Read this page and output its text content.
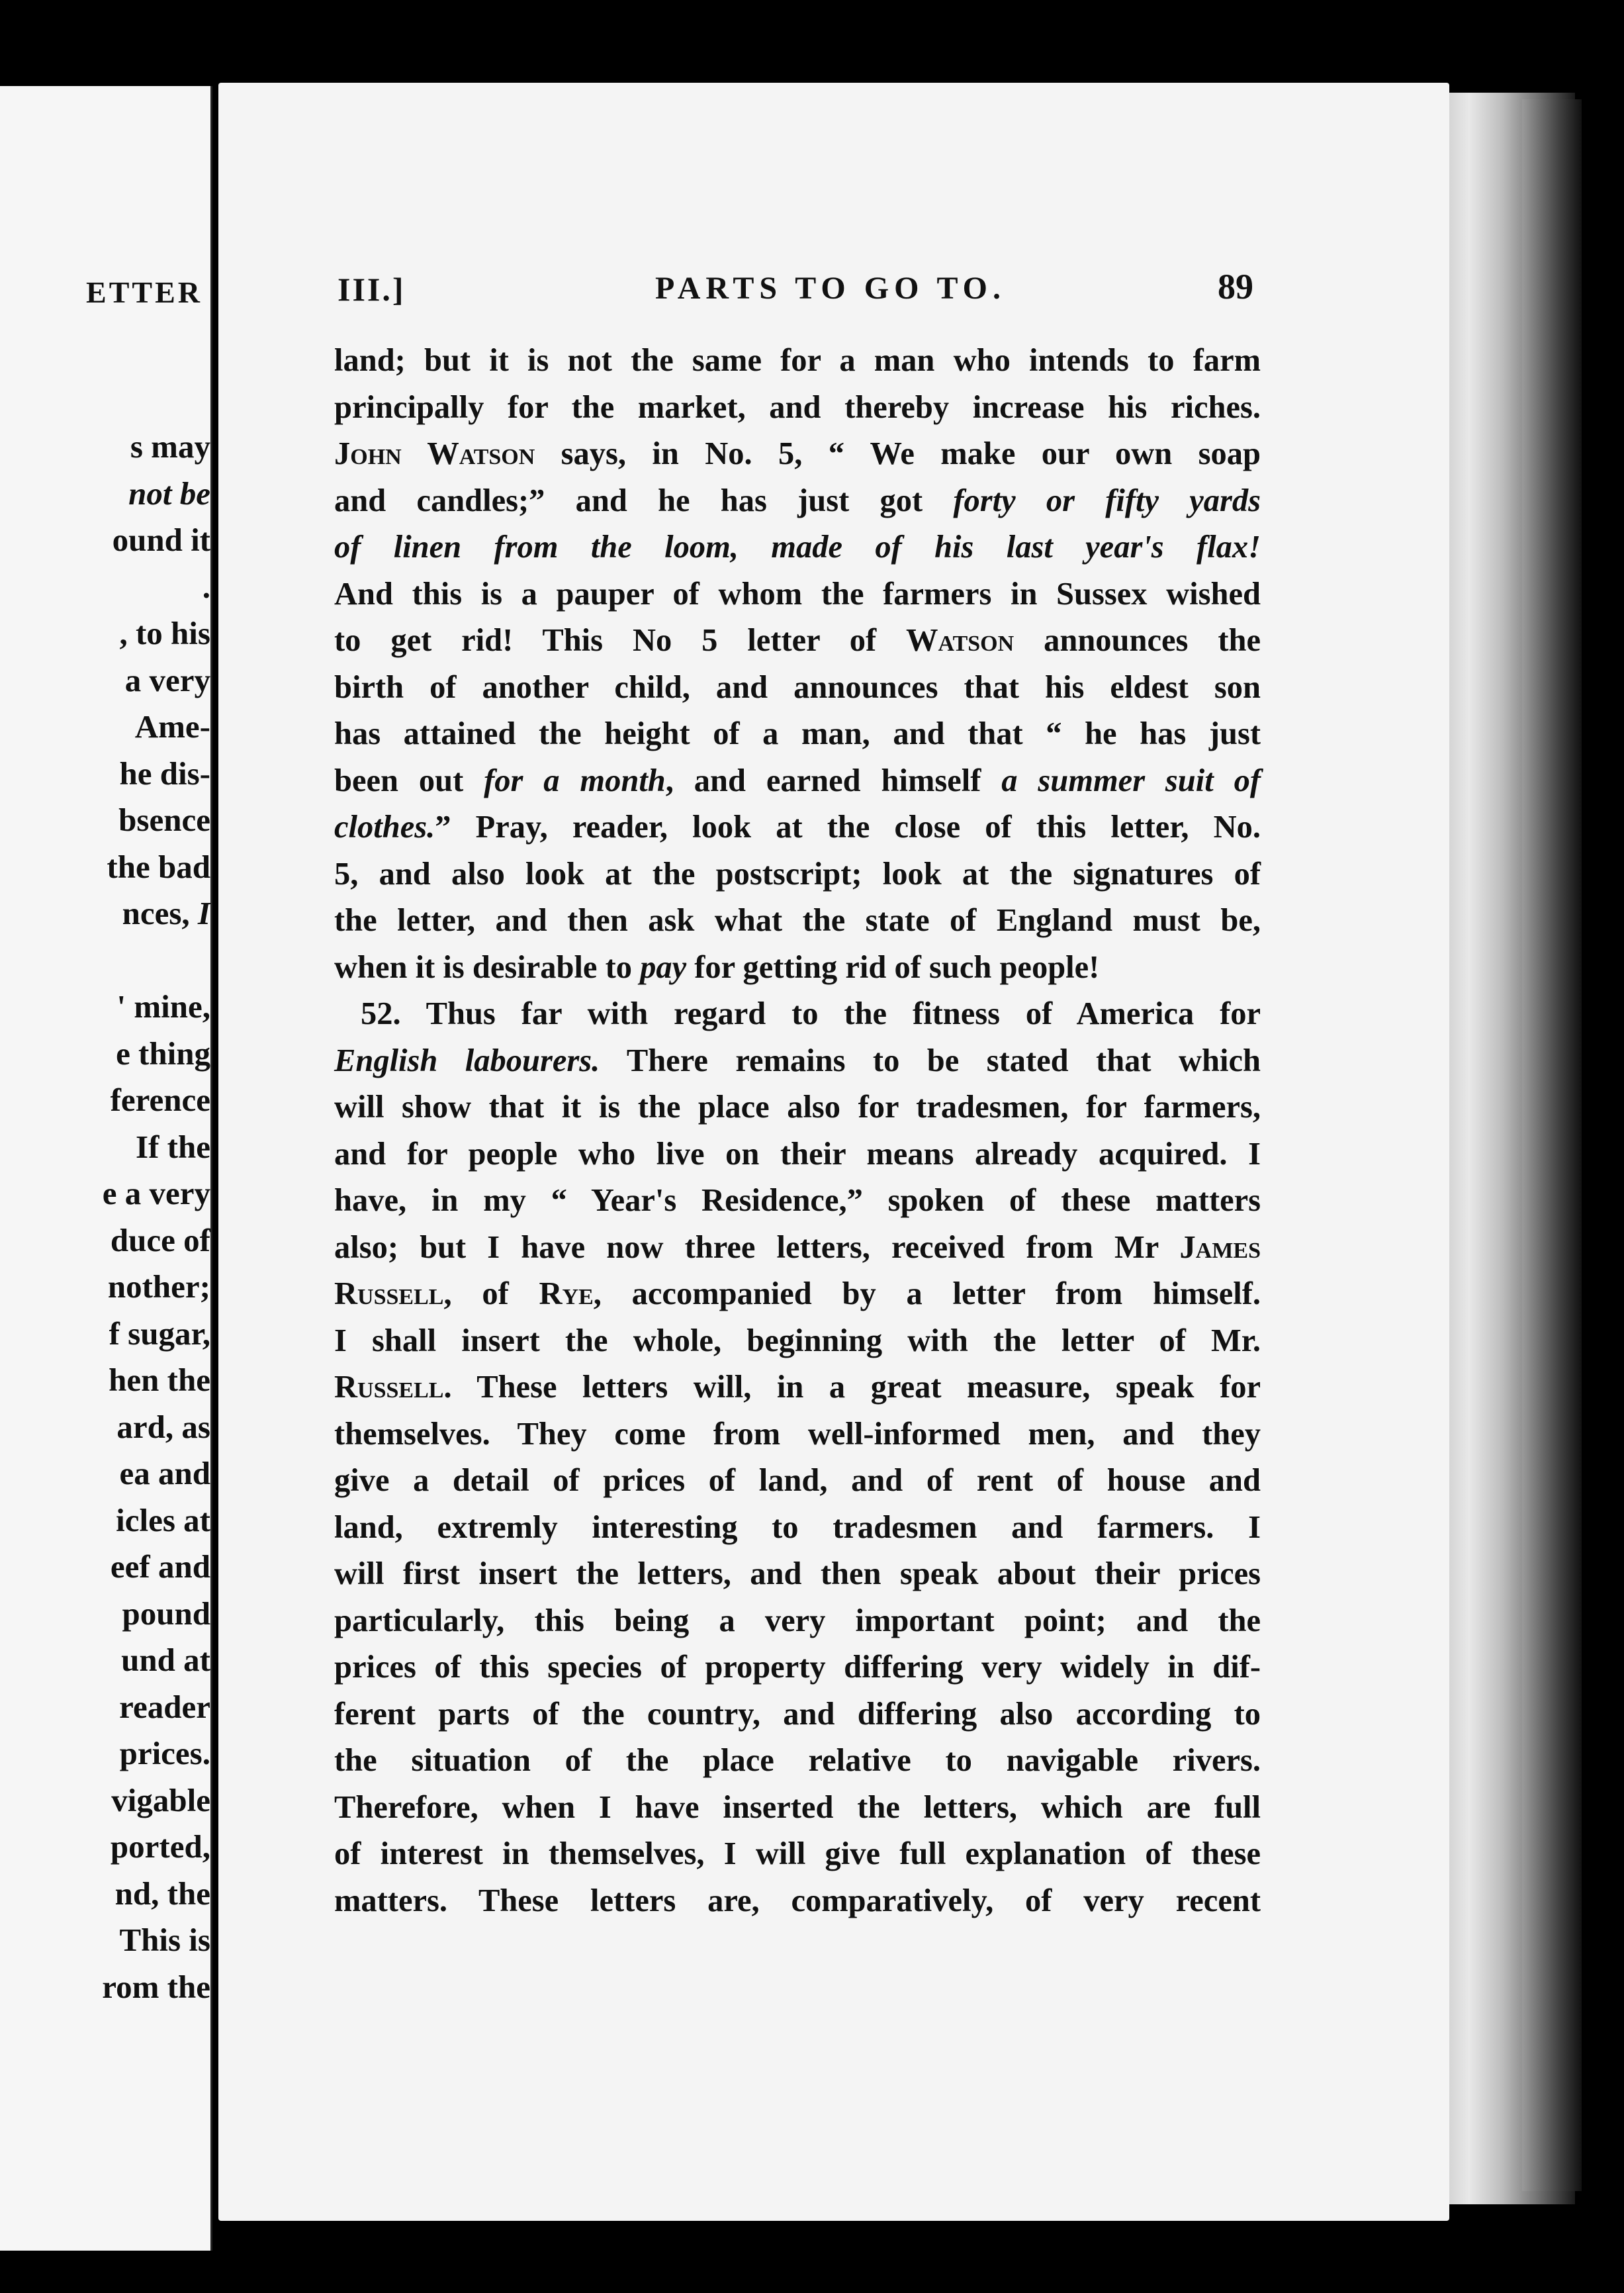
ETTER
s may
not be
ound it
.
, to his
a very
Ame-
he dis-
bsence
the bad
nces, I

' mine,
e thing
ference
If the
e a very
duce of
nother;
f sugar,
hen the
ard, as
ea and
icles at
eef and
pound
und at
reader
prices.
vigable
ported,
nd, the
This is
rom the
III.]	PARTS TO GO TO.	89
land; but it is not the same for a man who intends to farm
principally for the market, and thereby increase his riches.
John Watson says, in No. 5, “ We make our own soap
and candles;” and he has just got forty or fifty yards
of linen from the loom, made of his last year's flax!
And this is a pauper of whom the farmers in Sussex wished
to get rid! This No 5 letter of Watson announces the
birth of another child, and announces that his eldest son
has attained the height of a man, and that “ he has just
been out for a month, and earned himself a summer suit of
clothes.” Pray, reader, look at the close of this letter, No.
5, and also look at the postscript; look at the signatures of
the letter, and then ask what the state of England must be,
when it is desirable to pay for getting rid of such people!
52. Thus far with regard to the fitness of America for
English labourers. There remains to be stated that which
will show that it is the place also for tradesmen, for farmers,
and for people who live on their means already acquired. I
have, in my “ Year's Residence,” spoken of these matters
also; but I have now three letters, received from Mr James
Russell, of Rye, accompanied by a letter from himself.
I shall insert the whole, beginning with the letter of Mr.
Russell. These letters will, in a great measure, speak for
themselves. They come from well-informed men, and they
give a detail of prices of land, and of rent of house and
land, extremly interesting to tradesmen and farmers. I
will first insert the letters, and then speak about their prices
particularly, this being a very important point; and the
prices of this species of property differing very widely in dif-
ferent parts of the country, and differing also according to
the situation of the place relative to navigable rivers.
Therefore, when I have inserted the letters, which are full
of interest in themselves, I will give full explanation of these
matters. These letters are, comparatively, of very recent
